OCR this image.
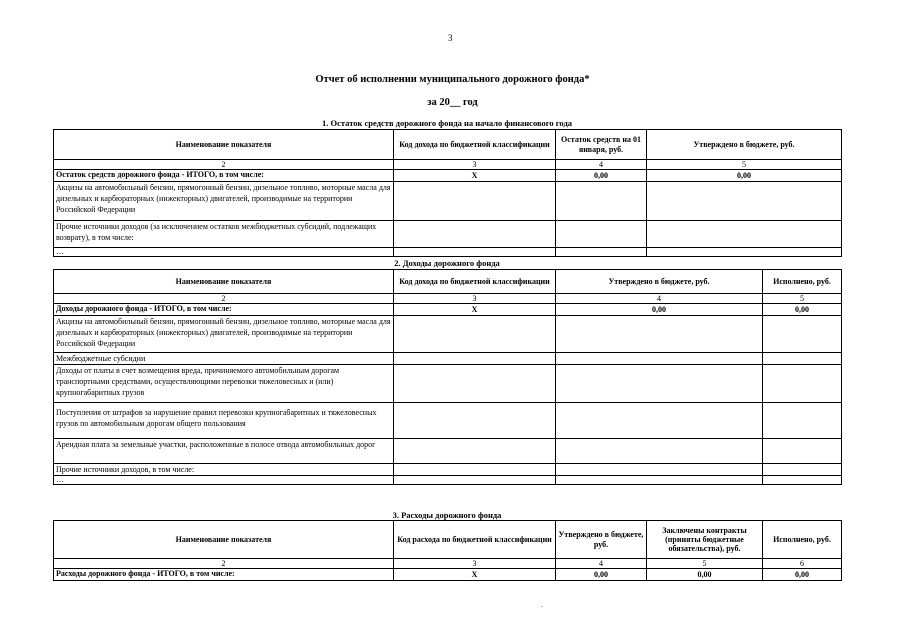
3
Отчет об исполнении муниципального дорожного фонда*
за 20__ год
1. Остаток средств дорожного фонда на начало финансового года
Наименование показателя	Код дохода по бюджетной классификации	Остаток средств на 01 января, руб.	Утверждено в бюджете, руб.
2	3	4	5
Остаток средств дорожного фонда - ИТОГО, в том числе:	Х	0,00	0,00
Акцизы на автомобильный бензин, прямогонный бензин, дизельное топливо, моторные масла для дизельных и карбюраторных (инжекторных) двигателей, производимые на территории Российской Федерации			
Прочие источники доходов (за исключением остатков межбюджетных субсидий, подлежащих возврату), в том числе:			
…			
2. Доходы дорожного фонда
Наименование показателя	Код дохода по бюджетной классификации	Утверждено в бюджете, руб.	Исполнено, руб.
2	3	4	5
Доходы дорожного фонда - ИТОГО, в том числе:	Х	0,00	0,00
Акцизы на автомобильный бензин, прямогонный бензин, дизельное топливо, моторные масла для дизельных и карбюраторных (инжекторных) двигателей, производимые на территории Российской Федерации			
Межбюджетные субсидии			
Доходы от платы в счет возмещения вреда, причиняемого автомобильным дорогам транспортными средствами, осуществляющими перевозки тяжеловесных и (или) крупногабаритных грузов			
Поступления от штрафов за нарушение правил перевозки крупногабаритных и тяжеловесных грузов по автомобильным дорогам общего пользования			
Арендная плата за земельные участки, расположенные в полосе отвода автомобильных дорог			
Прочие источники доходов, в том числе:			
…			
3. Расходы дорожного фонда
Наименование показателя	Код расхода по бюджетной классификации	Утверждено в бюджете, руб.	Заключены контракты (приняты бюджетные обязательства), руб.	Исполнено, руб.
2	3	4	5	6
Расходы дорожного фонда - ИТОГО, в том числе:	Х	0,00	0,00	0,00
.
